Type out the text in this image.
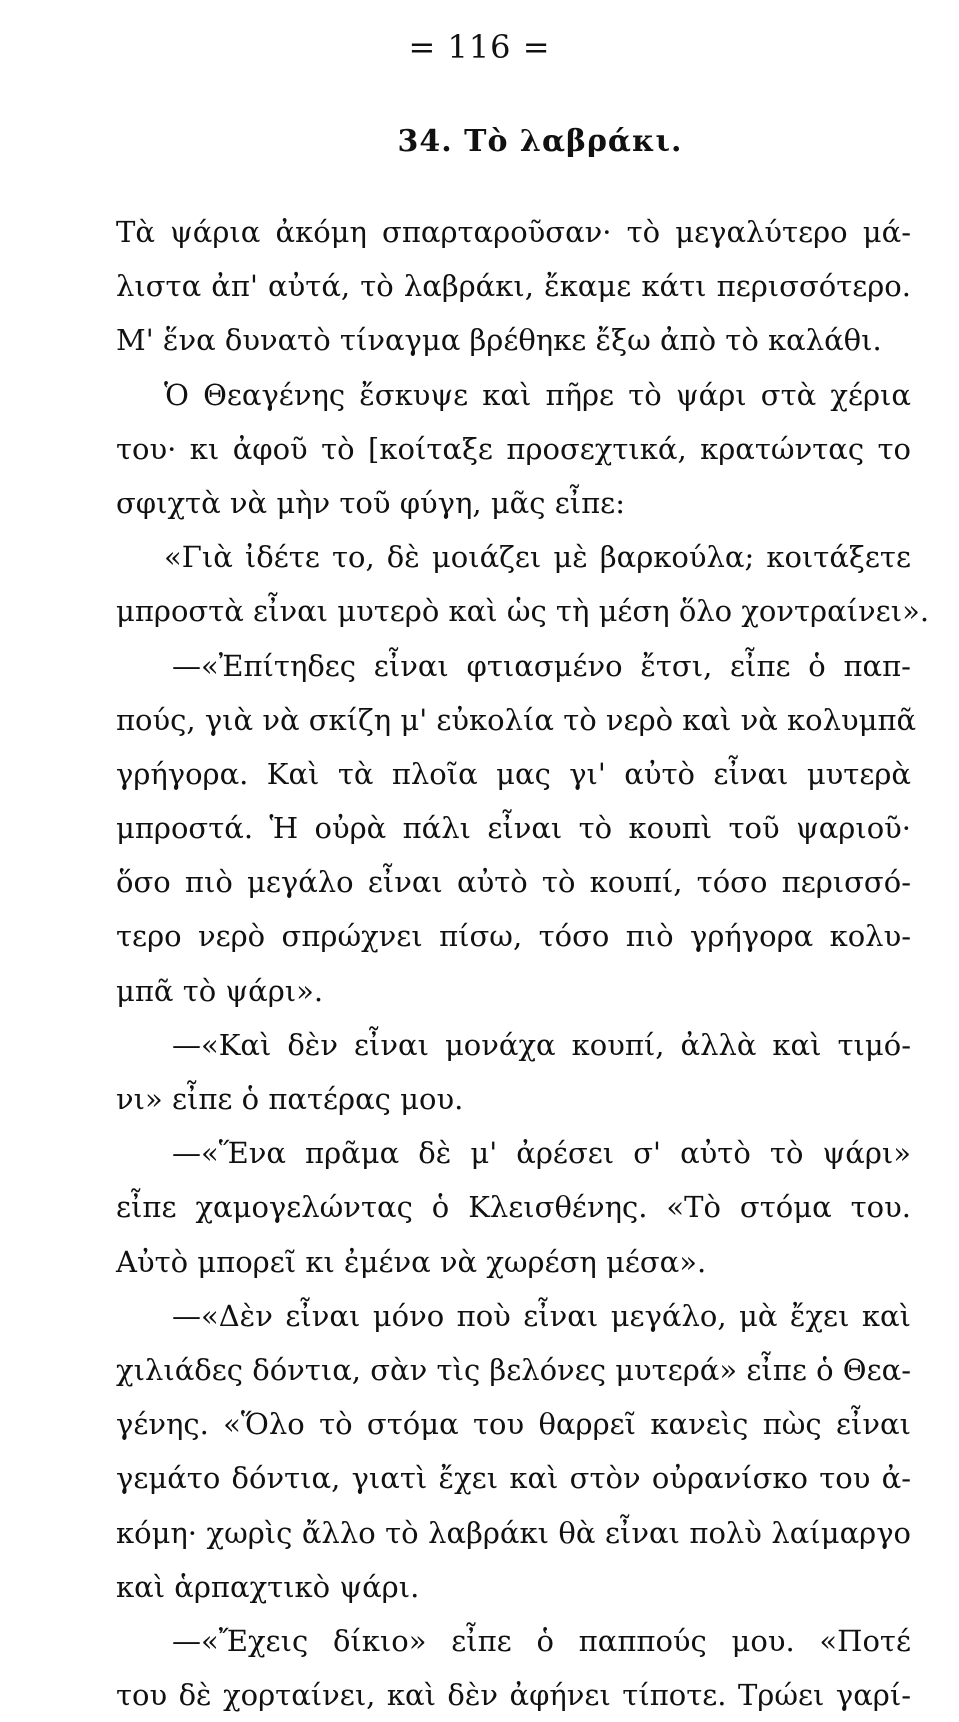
= 116 =
34. Τὸ λαβράκι.
Τὰ ψάρια ἀκόμη σπαρταροῦσαν· τὸ μεγαλύτερο μά-
λιστα ἀπ' αὐτά, τὸ λαβράκι, ἔκαμε κάτι περισσότερο.
Μ' ἕνα δυνατὸ τίναγμα βρέθηκε ἔξω ἀπὸ τὸ καλάθι.
Ὁ Θεαγένης ἔσκυψε καὶ πῆρε τὸ ψάρι στὰ χέρια
του· κι ἀφοῦ τὸ [κοίταξε προσεχτικά, κρατώντας το
σφιχτὰ νὰ μὴν τοῦ φύγη, μᾶς εἶπε:
«Γιὰ ἰδέτε το, δὲ μοιάζει μὲ βαρκούλα; κοιτάξετε
μπροστὰ εἶναι μυτερὸ καὶ ὡς τὴ μέση ὅλο χοντραίνει».
—«Ἐπίτηδες εἶναι φτιασμένο ἔτσι, εἶπε ὁ παπ-
πούς, γιὰ νὰ σκίζη μ' εὐκολία τὸ νερὸ καὶ νὰ κολυμπᾶ
γρήγορα. Καὶ τὰ πλοῖα μας γι' αὐτὸ εἶναι μυτερὰ
μπροστά. Ἡ οὐρὰ πάλι εἶναι τὸ κουπὶ τοῦ ψαριοῦ·
ὅσο πιὸ μεγάλο εἶναι αὐτὸ τὸ κουπί, τόσο περισσό-
τερο νερὸ σπρώχνει πίσω, τόσο πιὸ γρήγορα κολυ-
μπᾶ τὸ ψάρι».
—«Καὶ δὲν εἶναι μονάχα κουπί, ἀλλὰ καὶ τιμό-
νι» εἶπε ὁ πατέρας μου.
—«Ἕνα πρᾶμα δὲ μ' ἀρέσει σ' αὐτὸ τὸ ψάρι»
εἶπε χαμογελώντας ὁ Κλεισθένης. «Τὸ στόμα του.
Αὐτὸ μπορεῖ κι ἐμένα νὰ χωρέση μέσα».
—«Δὲν εἶναι μόνο ποὺ εἶναι μεγάλο, μὰ ἔχει καὶ
χιλιάδες δόντια, σὰν τὶς βελόνες μυτερά» εἶπε ὁ Θεα-
γένης. «Ὅλο τὸ στόμα του θαρρεῖ κανεὶς πὼς εἶναι
γεμάτο δόντια, γιατὶ ἔχει καὶ στὸν οὐρανίσκο του ἀ-
κόμη· χωρὶς ἄλλο τὸ λαβράκι θὰ εἶναι πολὺ λαίμαργο
καὶ ἁρπαχτικὸ ψάρι.
—«Ἔχεις δίκιο» εἶπε ὁ παππούς μου. «Ποτέ
του δὲ χορταίνει, καὶ δὲν ἀφήνει τίποτε. Τρώει γαρί-
